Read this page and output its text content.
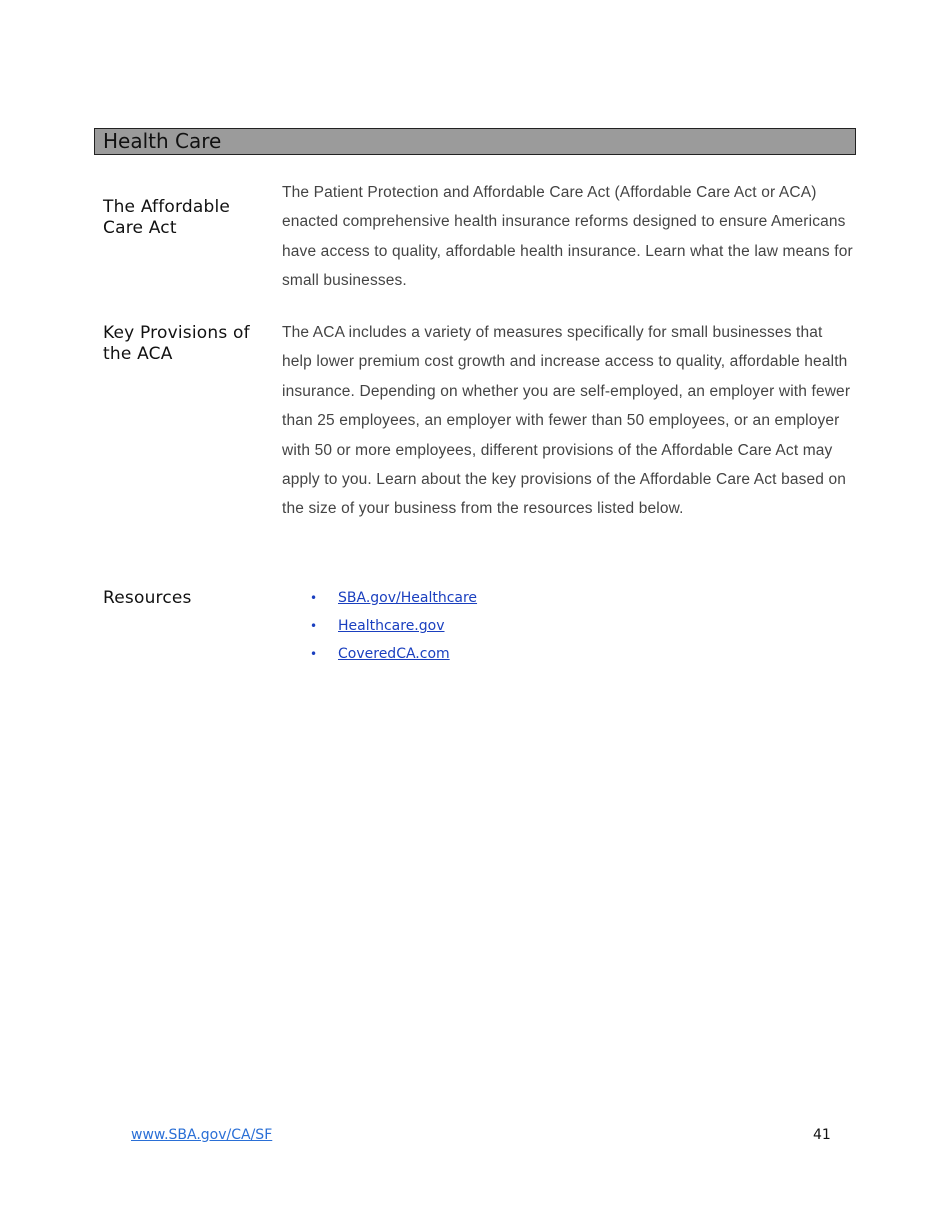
Health Care
The Affordable Care Act
The Patient Protection and Affordable Care Act (Affordable Care Act or ACA) enacted comprehensive health insurance reforms designed to ensure Americans have access to quality, affordable health insurance. Learn what the law means for small businesses.
Key Provisions of the ACA
The ACA includes a variety of measures specifically for small businesses that help lower premium cost growth and increase access to quality, affordable health insurance. Depending on whether you are self-employed, an employer with fewer than 25 employees, an employer with fewer than 50 employees, or an employer with 50 or more employees, different provisions of the Affordable Care Act may apply to you. Learn about the key provisions of the Affordable Care Act based on the size of your business from the resources listed below.
Resources	• SBA.gov/Healthcare
• Healthcare.gov
• CoveredCA.com
www.SBA.gov/CA/SF	41
